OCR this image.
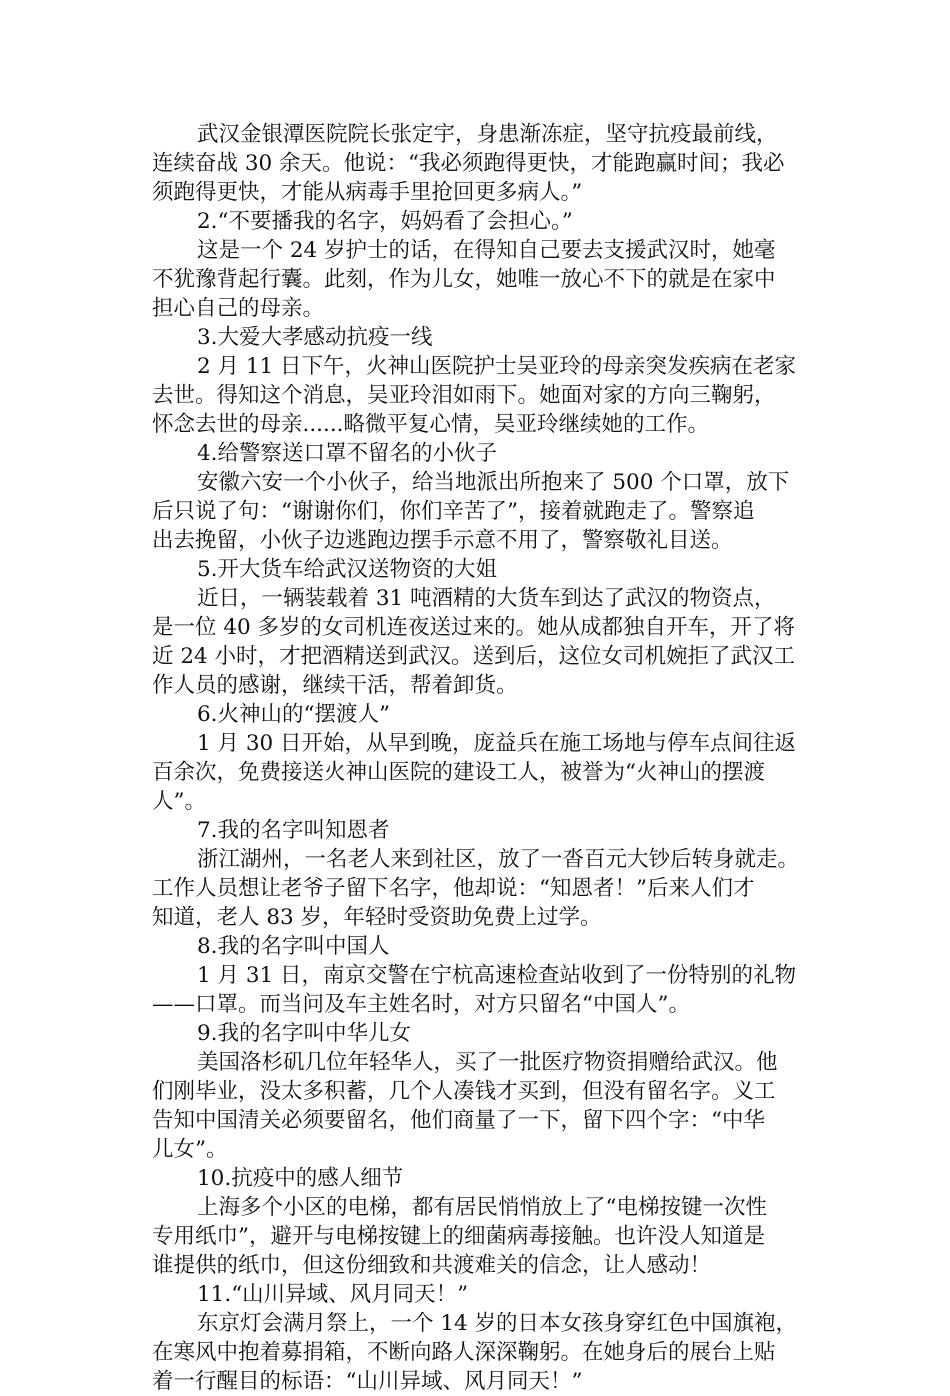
武汉金银潭医院院长张定宇，身患渐冻症，坚守抗疫最前线，
连续奋战 30 余天。他说：“我必须跑得更快，才能跑赢时间；我必
须跑得更快，才能从病毒手里抢回更多病人。”
2.“不要播我的名字，妈妈看了会担心。”
这是一个 24 岁护士的话，在得知自己要去支援武汉时，她毫
不犹豫背起行囊。此刻，作为儿女，她唯一放心不下的就是在家中
担心自己的母亲。
3.大爱大孝感动抗疫一线
2 月 11 日下午，火神山医院护士吴亚玲的母亲突发疾病在老家
去世。得知这个消息，吴亚玲泪如雨下。她面对家的方向三鞠躬，
怀念去世的母亲......略微平复心情，吴亚玲继续她的工作。
4.给警察送口罩不留名的小伙子
安徽六安一个小伙子，给当地派出所抱来了 500 个口罩，放下
后只说了句：“谢谢你们，你们辛苦了”，接着就跑走了。警察追
出去挽留，小伙子边逃跑边摆手示意不用了，警察敬礼目送。
5.开大货车给武汉送物资的大姐
近日，一辆装载着 31 吨酒精的大货车到达了武汉的物资点，
是一位 40 多岁的女司机连夜送过来的。她从成都独自开车，开了将
近 24 小时，才把酒精送到武汉。送到后，这位女司机婉拒了武汉工
作人员的感谢，继续干活，帮着卸货。
6.火神山的“摆渡人”
1 月 30 日开始，从早到晚，庞益兵在施工场地与停车点间往返
百余次，免费接送火神山医院的建设工人，被誉为“火神山的摆渡
人”。
7.我的名字叫知恩者
浙江湖州，一名老人来到社区，放了一沓百元大钞后转身就走。
工作人员想让老爷子留下名字，他却说：“知恩者！”后来人们才
知道，老人 83 岁，年轻时受资助免费上过学。
8.我的名字叫中国人
1 月 31 日，南京交警在宁杭高速检查站收到了一份特别的礼物
——口罩。而当问及车主姓名时，对方只留名“中国人”。
9.我的名字叫中华儿女
美国洛杉矶几位年轻华人，买了一批医疗物资捐赠给武汉。他
们刚毕业，没太多积蓄，几个人凑钱才买到，但没有留名字。义工
告知中国清关必须要留名，他们商量了一下，留下四个字：“中华
儿女”。
10.抗疫中的感人细节
上海多个小区的电梯，都有居民悄悄放上了“电梯按键一次性
专用纸巾”，避开与电梯按键上的细菌病毒接触。也许没人知道是
谁提供的纸巾，但这份细致和共渡难关的信念，让人感动！
11.“山川异域、风月同天！”
东京灯会满月祭上，一个 14 岁的日本女孩身穿红色中国旗袍，
在寒风中抱着募捐箱，不断向路人深深鞠躬。在她身后的展台上贴
着一行醒目的标语：“山川异域、风月同天！”
